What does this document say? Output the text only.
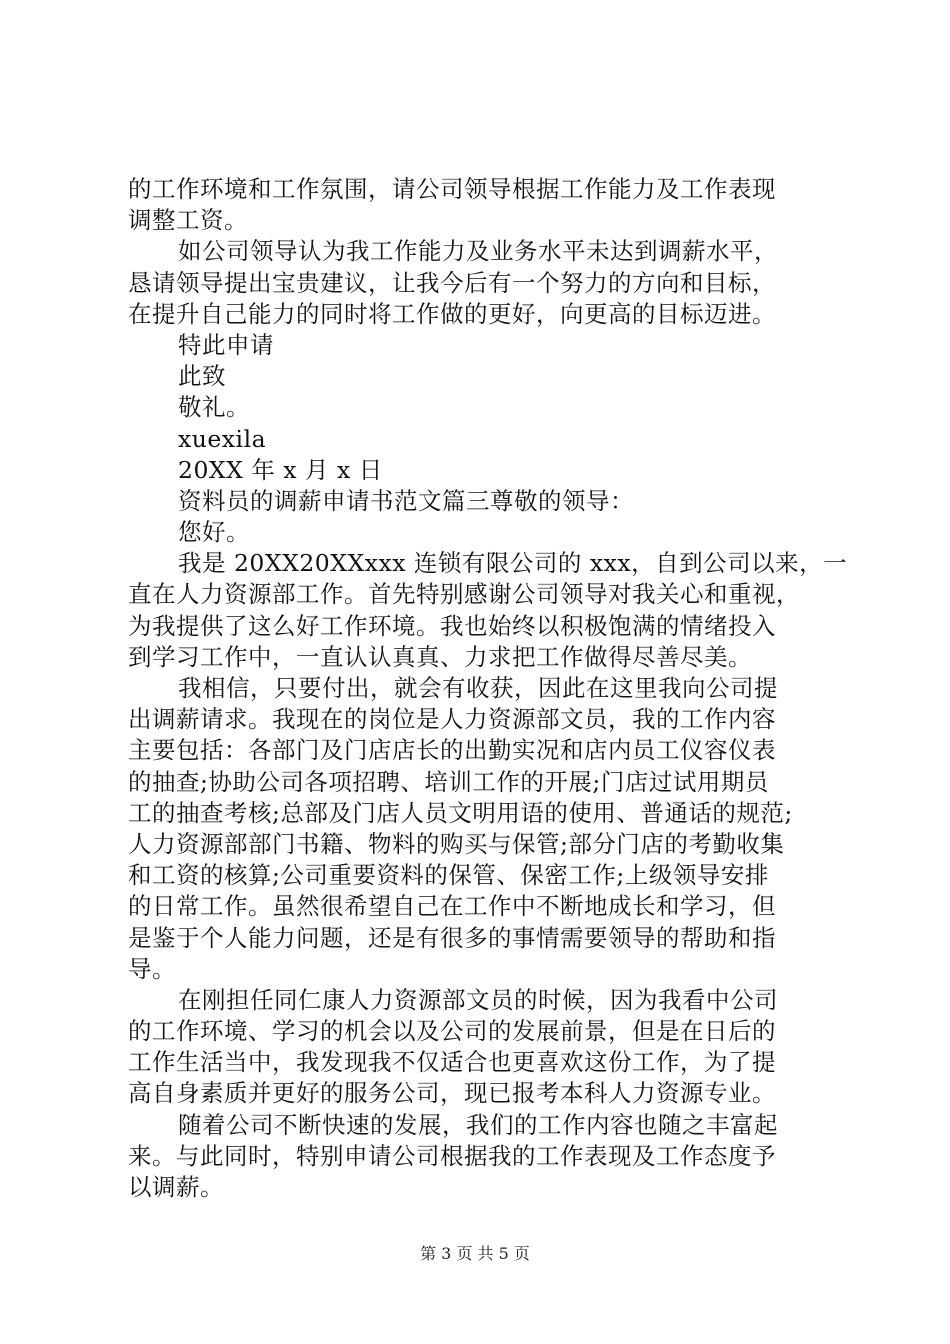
的工作环境和工作氛围，请公司领导根据工作能力及工作表现
调整工资。
如公司领导认为我工作能力及业务水平未达到调薪水平，
恳请领导提出宝贵建议，让我今后有一个努力的方向和目标，
在提升自己能力的同时将工作做的更好，向更高的目标迈进。
特此申请
此致
敬礼。
xuexila
20XX 年 x 月 x 日
资料员的调薪申请书范文篇三尊敬的领导：
您好。
我是 20XX20XXxxx 连锁有限公司的 xxx，自到公司以来，一
直在人力资源部工作。首先特别感谢公司领导对我关心和重视，
为我提供了这么好工作环境。我也始终以积极饱满的情绪投入
到学习工作中，一直认认真真、力求把工作做得尽善尽美。
我相信，只要付出，就会有收获，因此在这里我向公司提
出调薪请求。我现在的岗位是人力资源部文员，我的工作内容
主要包括：各部门及门店店长的出勤实况和店内员工仪容仪表
的抽查;协助公司各项招聘、培训工作的开展;门店过试用期员
工的抽查考核;总部及门店人员文明用语的使用、普通话的规范;
人力资源部部门书籍、物料的购买与保管;部分门店的考勤收集
和工资的核算;公司重要资料的保管、保密工作;上级领导安排
的日常工作。虽然很希望自己在工作中不断地成长和学习，但
是鉴于个人能力问题，还是有很多的事情需要领导的帮助和指
导。
在刚担任同仁康人力资源部文员的时候，因为我看中公司
的工作环境、学习的机会以及公司的发展前景，但是在日后的
工作生活当中，我发现我不仅适合也更喜欢这份工作，为了提
高自身素质并更好的服务公司，现已报考本科人力资源专业。
随着公司不断快速的发展，我们的工作内容也随之丰富起
来。与此同时，特别申请公司根据我的工作表现及工作态度予
以调薪。
第 3 页 共 5 页
